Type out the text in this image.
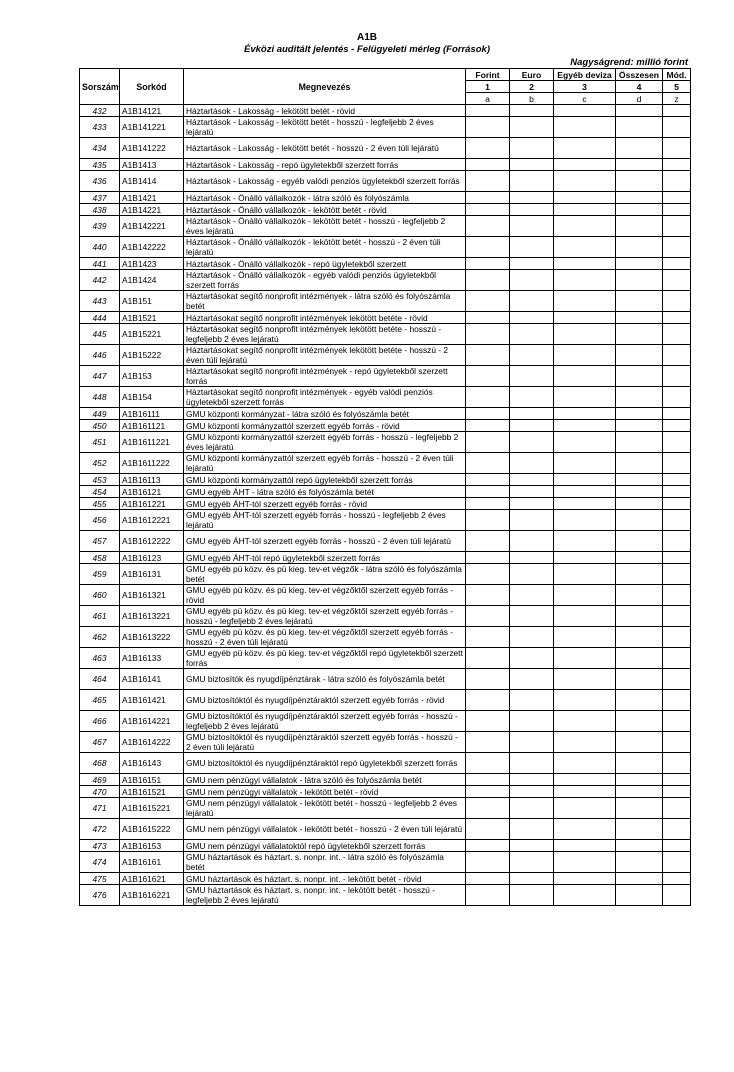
A1B
Évközi auditált jelentés - Felügyeleti mérleg (Források)
Nagyságrend: millió forint
Sorszám	Sorkód	Megnevezés	Forint	Euro	Egyéb deviza	Összesen	Mód.
			1	2	3	4	5
			a	b	c	d	z
432	A1B14121	Háztartások - Lakosság - lekötött betét - rövid					
433	A1B141221	Háztartások - Lakosság - lekötött betét - hosszú - legfeljebb 2 éves lejáratú					
434	A1B141222	Háztartások - Lakosság - lekötött betét - hosszú - 2 éven túli lejáratú					
435	A1B1413	Háztartások - Lakosság - repó ügyletekből szerzett forrás					
436	A1B1414	Háztartások - Lakosság - egyéb valódi penziós ügyletekből szerzett forrás					
437	A1B1421	Háztartások - Önálló vállalkozók - látra szóló és folyószámla					
438	A1B14221	Háztartások - Önálló vállalkozók - lekötött betét - rövid					
439	A1B142221	Háztartások - Önálló vállalkozók - lekötött betét - hosszú - legfeljebb 2 éves lejáratú					
440	A1B142222	Háztartások - Önálló vállalkozók - lekötött betét - hosszú - 2 éven túli lejáratú					
441	A1B1423	Háztartások - Önálló vállalkozók - repó ügyletekből szerzett					
442	A1B1424	Háztartások - Önálló vállalkozók - egyéb valódi penziós ügyletekből szerzett forrás					
443	A1B151	Háztartásokat segítő nonprofit intézmények - látra szóló és folyószámla betét					
444	A1B1521	Háztartásokat segítő nonprofit intézmények lekötött betéte - rövid					
445	A1B15221	Háztartásokat segítő nonprofit intézmények lekötött betéte - hosszú - legfeljebb 2 éves lejáratú					
446	A1B15222	Háztartásokat segítő nonprofit intézmények lekötött betéte - hosszú - 2 éven túli lejáratú					
447	A1B153	Háztartásokat segítő nonprofit intézmények - repó ügyletekből szerzett forrás					
448	A1B154	Háztartásokat segítő nonprofit intézmények - egyéb valódi penziós ügyletekből szerzett forrás					
449	A1B16111	GMU központi kormányzat - látra szóló és folyószámla betét					
450	A1B161121	GMU központi kormányzattól szerzett egyéb forrás - rövid					
451	A1B1611221	GMU központi kormányzattól szerzett egyéb forrás - hosszú - legfeljebb 2 éves lejáratú					
452	A1B1611222	GMU központi kormányzattól szerzett egyéb forrás - hosszú - 2 éven túli lejáratú					
453	A1B16113	GMU központi kormányzattól repó ügyletekből szerzett forrás					
454	A1B16121	GMU egyéb ÁHT - látra szóló és folyószámla betét					
455	A1B161221	GMU egyéb ÁHT-tól szerzett egyéb forrás - rövid					
456	A1B1612221	GMU egyéb ÁHT-tól szerzett egyéb forrás - hosszú - legfeljebb 2 éves lejáratú					
457	A1B1612222	GMU egyéb ÁHT-tól szerzett egyéb forrás - hosszú - 2 éven túli lejáratú					
458	A1B16123	GMU egyéb ÁHT-tól repó ügyletekből szerzett forrás					
459	A1B16131	GMU egyéb pü közv. és pü kieg. tev-et végzők - látra szóló és folyószámla betét					
460	A1B161321	GMU egyéb pü közv. és pü kieg. tev-et végzőktől szerzett egyéb forrás - rövid					
461	A1B1613221	GMU egyéb pü közv. és pü kieg. tev-et végzőktől szerzett egyéb forrás - hosszú - legfeljebb 2 éves lejáratú					
462	A1B1613222	GMU egyéb pü közv. és pü kieg. tev-et végzőktől szerzett egyéb forrás - hosszú - 2 éven túli lejáratú					
463	A1B16133	GMU egyéb pü közv. és pü kieg. tev-et végzőktől repó ügyletekből szerzett forrás					
464	A1B16141	GMU biztosítók és nyugdíjpénztárak - látra szóló és folyószámla betét					
465	A1B161421	GMU biztosítóktól és nyugdíjpénztáraktól szerzett egyéb forrás - rövid					
466	A1B1614221	GMU biztosítóktól és nyugdíjpénztáraktól szerzett egyéb forrás - hosszú - legfeljebb 2 éves lejáratú					
467	A1B1614222	GMU biztosítóktól és nyugdíjpénztáraktól szerzett egyéb forrás - hosszú - 2 éven túli lejáratú					
468	A1B16143	GMU biztosítóktól és nyugdíjpénztáraktól repó ügyletekből szerzett forrás					
469	A1B16151	GMU nem pénzügyi vállalatok - látra szóló és folyószámla betét					
470	A1B161521	GMU nem pénzügyi vállalatok - lekötött betét - rövid					
471	A1B1615221	GMU nem pénzügyi vállalatok - lekötött betét - hosszú - legfeljebb 2 éves lejáratú					
472	A1B1615222	GMU nem pénzügyi vállalatok - lekötött betét - hosszú - 2 éven túli lejáratú					
473	A1B16153	GMU nem pénzügyi vállalatoktól repó ügyletekből szerzett forrás					
474	A1B16161	GMU háztartások és háztart. s. nonpr. int. - látra szóló és folyószámla betét					
475	A1B161621	GMU háztartások és háztart. s. nonpr. int. - lekötött betét - rövid					
476	A1B1616221	GMU háztartások és háztart. s. nonpr. int. - lekötött betét - hosszú - legfeljebb 2 éves lejáratú					
